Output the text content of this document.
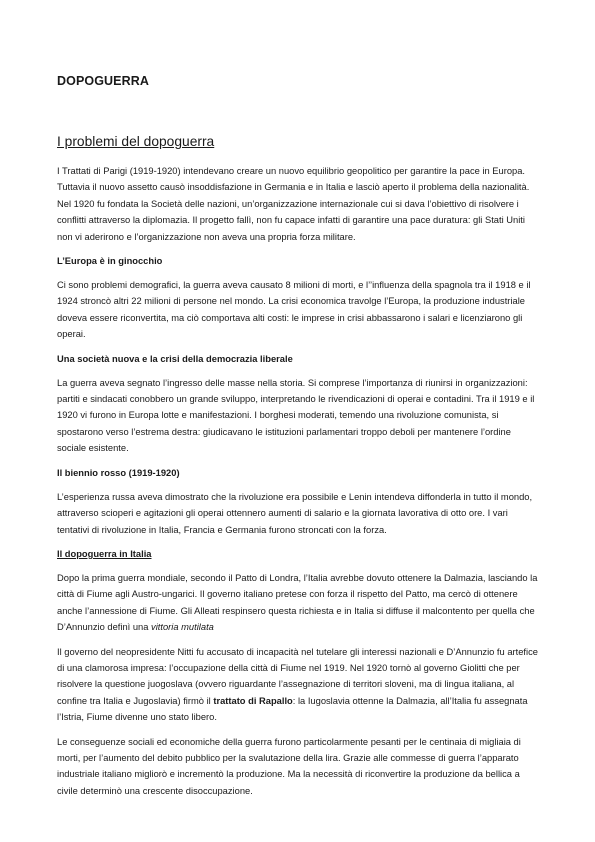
DOPOGUERRA
I problemi del dopoguerra

I Trattati di Parigi (1919-1920) intendevano creare un nuovo equilibrio geopolitico per garantire la pace in Europa. Tuttavia il nuovo assetto causò insoddisfazione in Germania e in Italia e lasciò aperto il problema della nazionalità. Nel 1920 fu fondata la Società delle nazioni, un’organizzazione internazionale cui si dava l’obiettivo di risolvere i conflitti attraverso la diplomazia. Il progetto fallì, non fu capace infatti di garantire una pace duratura: gli Stati Uniti non vi aderirono e l’organizzazione non aveva una propria forza militare.

L’Europa è in ginocchio

Ci sono problemi demografici, la guerra aveva causato 8 milioni di morti, e l’’influenza della spagnola tra il 1918 e il 1924 stroncò altri 22 milioni di persone nel mondo. La crisi economica travolge l’Europa, la produzione industriale doveva essere riconvertita, ma ciò comportava alti costi: le imprese in crisi abbassarono i salari e licenziarono gli operai.

Una società nuova e la crisi della democrazia liberale

La guerra aveva segnato l’ingresso delle masse nella storia. Si comprese l’importanza di riunirsi in organizzazioni: partiti e sindacati conobbero un grande sviluppo, interpretando le rivendicazioni di operai e contadini. Tra il 1919 e il 1920 vi furono in Europa lotte e manifestazioni. I borghesi moderati, temendo una rivoluzione comunista, si spostarono verso l’estrema destra: giudicavano le istituzioni parlamentari troppo deboli per mantenere l’ordine sociale esistente.

Il biennio rosso (1919-1920)

L’esperienza russa aveva dimostrato che la rivoluzione era possibile e Lenin intendeva diffonderla in tutto il mondo, attraverso scioperi e agitazioni gli operai ottennero aumenti di salario e la giornata lavorativa di otto ore. I vari tentativi di rivoluzione in Italia, Francia e Germania furono stroncati con la forza.

Il dopoguerra in Italia

Dopo la prima guerra mondiale, secondo il Patto di Londra, l’Italia avrebbe dovuto ottenere la Dalmazia, lasciando la città di Fiume agli Austro-ungarici. Il governo italiano pretese con forza il rispetto del Patto, ma cercò di ottenere anche l’annessione di Fiume. Gli Alleati respinsero questa richiesta e in Italia si diffuse il malcontento per quella che D’Annunzio definì una vittoria mutilata

Il governo del neopresidente Nitti fu accusato di incapacità nel tutelare gli interessi nazionali e D’Annunzio fu artefice di una clamorosa impresa: l’occupazione della città di Fiume nel 1919. Nel 1920 tornò al governo Giolitti che per risolvere la questione juogoslava (ovvero riguardante l’assegnazione di territori sloveni, ma di lingua italiana, al confine tra Italia e Jugoslavia) firmò il trattato di Rapallo: la Iugoslavia ottenne la Dalmazia, all’Italia fu assegnata l’Istria, Fiume divenne uno stato libero.

Le conseguenze sociali ed economiche della guerra furono particolarmente pesanti per le centinaia di migliaia di morti, per l’aumento del debito pubblico per la svalutazione della lira. Grazie alle commesse di guerra l’apparato industriale italiano migliorò e incrementò la produzione. Ma la necessità di riconvertire la produzione da bellica a civile determinò una crescente disoccupazione.
